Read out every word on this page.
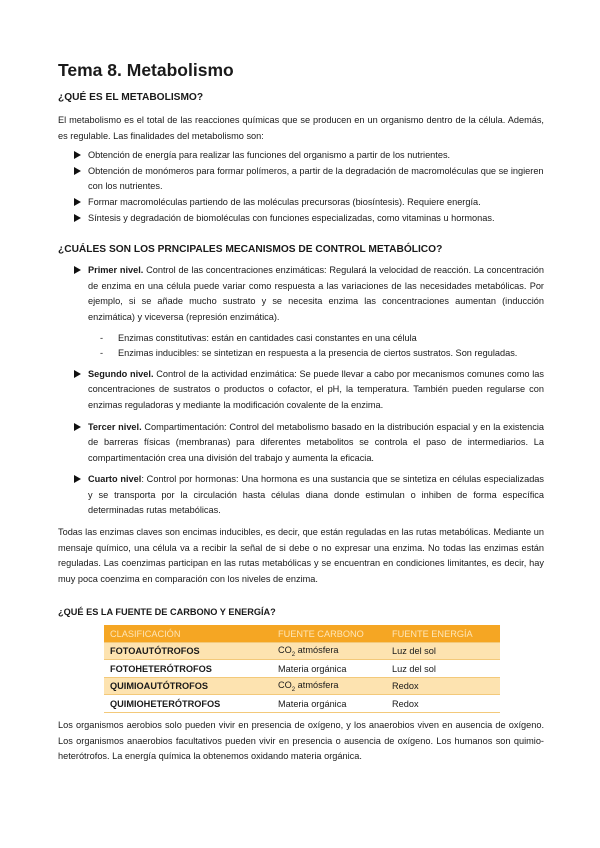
Tema 8. Metabolismo
¿QUÉ ES EL METABOLISMO?

El metabolismo es el total de las reacciones químicas que se producen en un organismo dentro de la célula. Además, es regulable. Las finalidades del metabolismo son:

Obtención de energía para realizar las funciones del organismo a partir de los nutrientes.
Obtención de monómeros para formar polímeros, a partir de la degradación de macromoléculas que se ingieren con los nutrientes.
Formar macromoléculas partiendo de las moléculas precursoras (biosíntesis). Requiere energía.
Síntesis y degradación de biomoléculas con funciones especializadas, como vitaminas u hormonas.
¿CUÁLES SON LOS PRNCIPALES MECANISMOS DE CONTROL METABÓLICO?
Primer nivel. Control de las concentraciones enzimáticas: Regulará la velocidad de reacción. La concentración de enzima en una célula puede variar como respuesta a las variaciones de las necesidades metabólicas. Por ejemplo, si se añade mucho sustrato y se necesita enzima las concentraciones aumentan (inducción enzimática) y viceversa (represión enzimática).
- Enzimas constitutivas: están en cantidades casi constantes en una célula
- Enzimas inducibles: se sintetizan en respuesta a la presencia de ciertos sustratos. Son reguladas.
Segundo nivel. Control de la actividad enzimática: Se puede llevar a cabo por mecanismos comunes como las concentraciones de sustratos o productos o cofactor, el pH, la temperatura. También pueden regularse con enzimas reguladoras y mediante la modificación covalente de la enzima.
Tercer nivel. Compartimentación: Control del metabolismo basado en la distribución espacial y en la existencia de barreras físicas (membranas) para diferentes metabolitos se controla el paso de intermediarios. La compartimentación crea una división del trabajo y aumenta la eficacia.
Cuarto nivel: Control por hormonas: Una hormona es una sustancia que se sintetiza en células especializadas y se transporta por la circulación hasta células diana donde estimulan o inhiben de forma específica determinadas rutas metabólicas.

Todas las enzimas claves son encimas inducibles, es decir, que están reguladas en las rutas metabólicas. Mediante un mensaje químico, una célula va a recibir la señal de si debe o no expresar una enzima. No todas las enzimas están reguladas. Las coenzimas participan en las rutas metabólicas y se encuentran en condiciones limitantes, es decir, hay muy poca coenzima en comparación con los niveles de enzima.

¿QUÉ ES LA FUENTE DE CARBONO Y ENERGÍA?
CLASIFICACIÓN	FUENTE CARBONO	FUENTE ENERGÍA
FOTOAUTÓTROFOS	$CO_2$ atmósfera	Luz del sol
FOTOHETERÓTROFOS	Materia orgánica	Luz del sol
QUIMIOAUTÓTROFOS	$CO_2$ atmósfera	Redox
QUIMIOHETERÓTROFOS	Materia orgánica	Redox

Los organismos aerobios solo pueden vivir en presencia de oxígeno, y los anaerobios viven en ausencia de oxígeno. Los organismos anaerobios facultativos pueden vivir en presencia o ausencia de oxígeno. Los humanos son quimio-heterótrofos. La energía química la obtenemos oxidando materia orgánica.
